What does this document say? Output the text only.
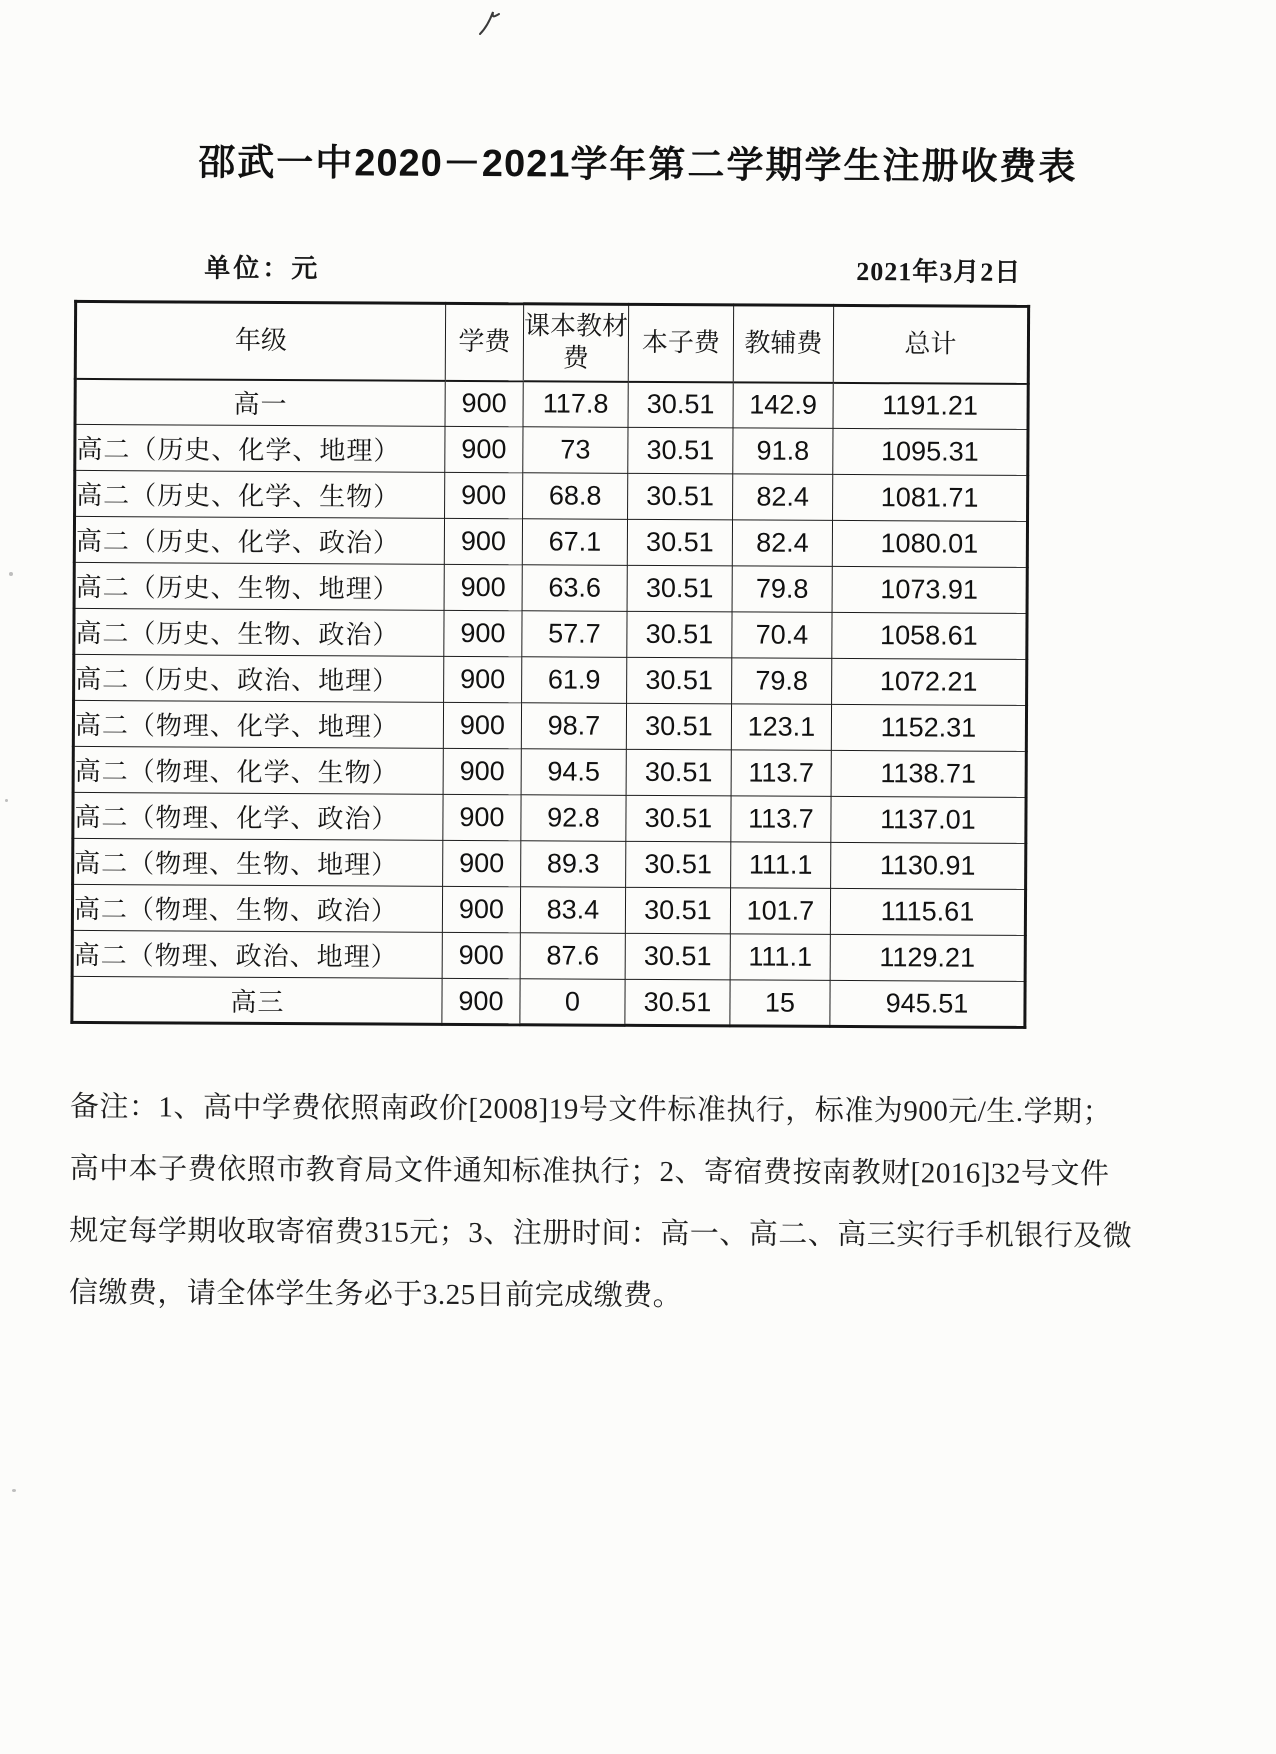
邵武一中2020－2021学年第二学期学生注册收费表
单位：元	2021年3月2日
年级	学费	课本教材费	本子费	教辅费	总计
高一	900	117.8	30.51	142.9	1191.21
高二（历史、化学、地理）	900	73	30.51	91.8	1095.31
高二（历史、化学、生物）	900	68.8	30.51	82.4	1081.71
高二（历史、化学、政治）	900	67.1	30.51	82.4	1080.01
高二（历史、生物、地理）	900	63.6	30.51	79.8	1073.91
高二（历史、生物、政治）	900	57.7	30.51	70.4	1058.61
高二（历史、政治、地理）	900	61.9	30.51	79.8	1072.21
高二（物理、化学、地理）	900	98.7	30.51	123.1	1152.31
高二（物理、化学、生物）	900	94.5	30.51	113.7	1138.71
高二（物理、化学、政治）	900	92.8	30.51	113.7	1137.01
高二（物理、生物、地理）	900	89.3	30.51	111.1	1130.91
高二（物理、生物、政治）	900	83.4	30.51	101.7	1115.61
高二（物理、政治、地理）	900	87.6	30.51	111.1	1129.21
高三	900	0	30.51	15	945.51

备注：1、高中学费依照南政价[2008]19号文件标准执行，标准为900元/生.学期；

高中本子费依照市教育局文件通知标准执行；2、寄宿费按南教财[2016]32号文件

规定每学期收取寄宿费315元；3、注册时间：高一、高二、高三实行手机银行及微

信缴费，请全体学生务必于3.25日前完成缴费。
